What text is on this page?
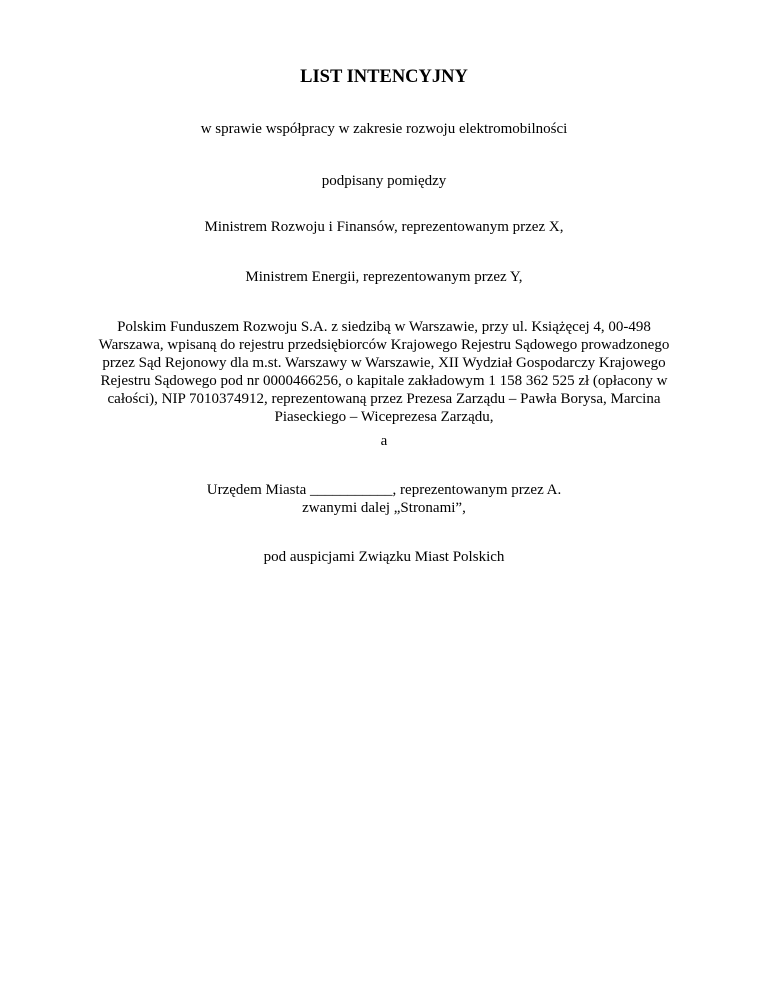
LIST INTENCYJNY
w sprawie współpracy w zakresie rozwoju elektromobilności
podpisany pomiędzy
Ministrem Rozwoju i Finansów, reprezentowanym przez X,
Ministrem Energii, reprezentowanym przez Y,
Polskim Funduszem Rozwoju S.A. z siedzibą w Warszawie, przy ul. Książęcej 4, 00-498
Warszawa, wpisaną do rejestru przedsiębiorców Krajowego Rejestru Sądowego prowadzonego
przez Sąd Rejonowy dla m.st. Warszawy w Warszawie, XII Wydział Gospodarczy Krajowego
Rejestru Sądowego pod nr 0000466256, o kapitale zakładowym 1 158 362 525 zł (opłacony w
całości), NIP 7010374912, reprezentowaną przez Prezesa Zarządu – Pawła Borysa, Marcina
Piaseckiego – Wiceprezesa Zarządu,
a
Urzędem Miasta ___________, reprezentowanym przez A.
zwanymi dalej „Stronami”,
pod auspicjami Związku Miast Polskich
